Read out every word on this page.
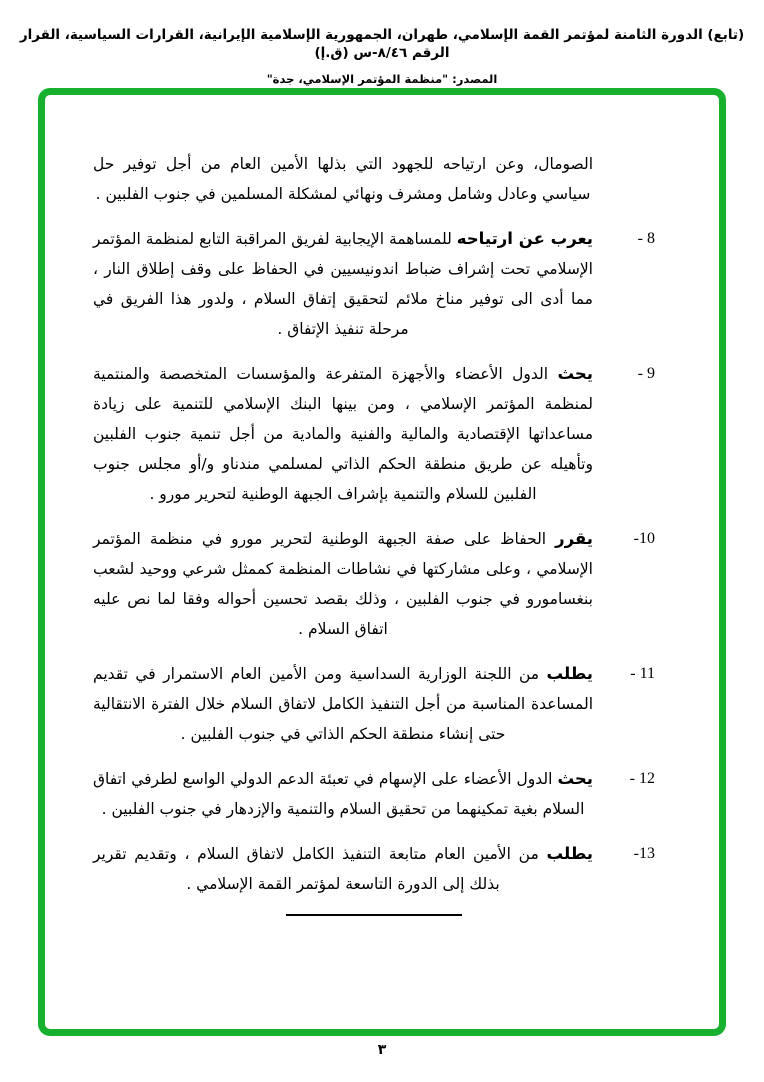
(تابع) الدورة الثامنة لمؤتمر القمة الإسلامي، طهران، الجمهورية الإسلامية الإيرانية، القرارات السياسية، القرار الرقم ٨/٤٦-س (ق.إ)
المصدر: "منظمة المؤتمر الإسلامي، جدة"

الصومال، وعن ارتياحه للجهود التي بذلها الأمين العام من أجل توفير حل سياسي وعادل وشامل ومشرف ونهائي لمشكلة المسلمين في جنوب الفلبين .

8 -

يعرب عن ارتياحه للمساهمة الإيجابية لفريق المراقبة التابع لمنظمة المؤتمر الإسلامي تحت إشراف ضباط اندونيسيين في الحفاظ على وقف إطلاق النار ، مما أدى الى توفير مناخ ملائم لتحقيق إتفاق السلام ، ولدور هذا الفريق في مرحلة تنفيذ الإتفاق .

9 -

يحث الدول الأعضاء والأجهزة المتفرعة والمؤسسات المتخصصة والمنتمية لمنظمة المؤتمر الإسلامي ، ومن بينها البنك الإسلامي للتنمية على زيادة مساعداتها الإقتصادية والمالية والفنية والمادية من أجل تنمية جنوب الفلبين وتأهيله عن طريق منطقة الحكم الذاتي لمسلمي مندناو و/أو مجلس جنوب الفلبين للسلام والتنمية بإشراف الجبهة الوطنية لتحرير مورو .

10-

يقرر الحفاظ على صفة الجبهة الوطنية لتحرير مورو في منظمة المؤتمر الإسلامي ، وعلى مشاركتها في نشاطات المنظمة كممثل شرعي ووحيد لشعب بنغسامورو في جنوب الفلبين ، وذلك بقصد تحسين أحواله وفقا لما نص عليه اتفاق السلام .

11 -

يطلب من اللجنة الوزارية السداسية ومن الأمين العام الاستمرار في تقديم المساعدة المناسبة من أجل التنفيذ الكامل لاتفاق السلام خلال الفترة الانتقالية حتى إنشاء منطقة الحكم الذاتي في جنوب الفلبين .

12 -

يحث الدول الأعضاء على الإسهام في تعبئة الدعم الدولي الواسع لطرفي اتفاق السلام بغية تمكينهما من تحقيق السلام والتنمية والإزدهار في جنوب الفلبين .

13-

يطلب من الأمين العام متابعة التنفيذ الكامل لاتفاق السلام ، وتقديم تقرير بذلك إلى الدورة التاسعة لمؤتمر القمة الإسلامي .

٣
